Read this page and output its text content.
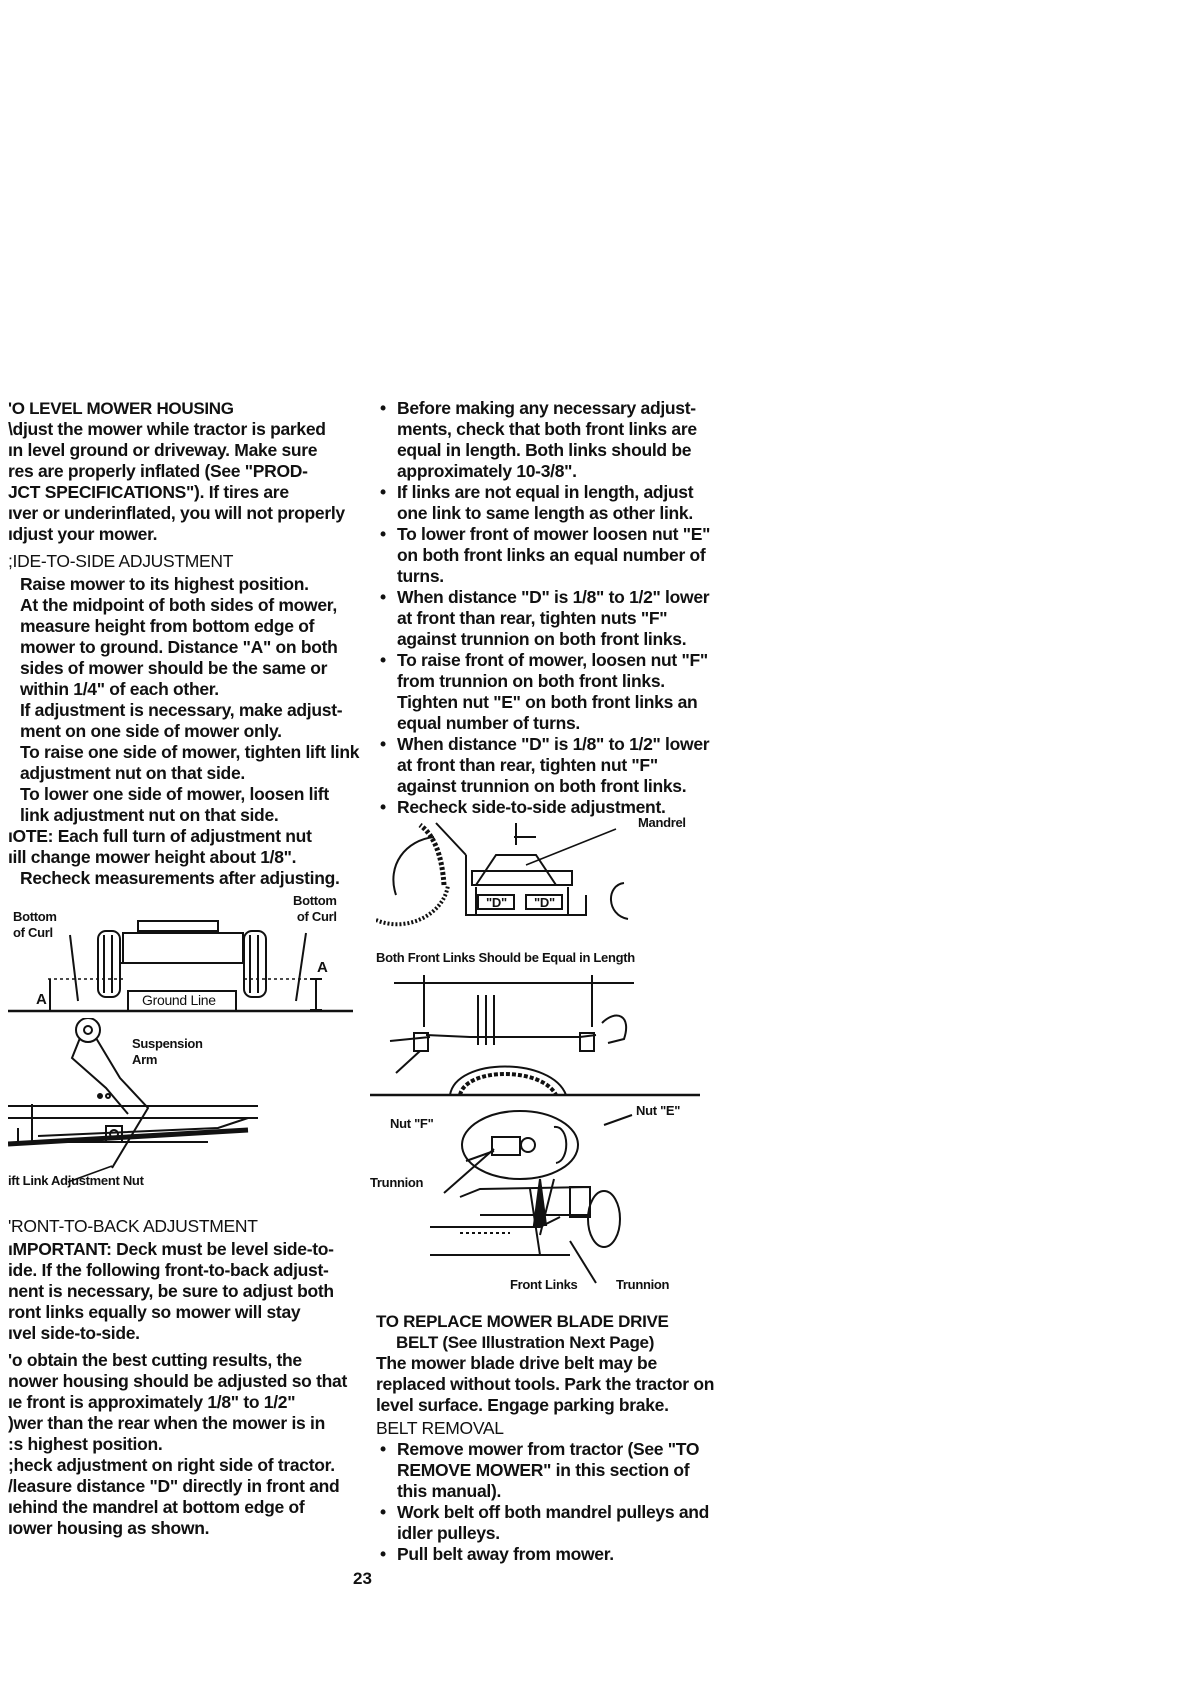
'O LEVEL MOWER HOUSING

\djust the mower while tractor is parked

ın level ground or driveway. Make sure

res are properly inflated (See "PROD-

JCT SPECIFICATIONS"). If tires are

ıver or underinflated, you will not properly

ıdjust your mower.

;IDE-TO-SIDE ADJUSTMENT

Raise mower to its highest position.

At the midpoint of both sides of mower, measure height from bottom edge of mower to ground. Distance "A" on both sides of mower should be the same or within 1/4" of each other.

If adjustment is necessary, make adjust- ment on one side of mower only.

To raise one side of mower, tighten lift link adjustment nut on that side.

To lower one side of mower, loosen lift link adjustment nut on that side.

ıOTE: Each full turn of adjustment nut

ıill change mower height about 1/8".

Recheck measurements after adjusting.

Bottom
of Curl
Bottom
of Curl
A
A	Ground Line
Suspension
Arm
ift Link Adjustment Nut

'RONT-TO-BACK ADJUSTMENT

ıMPORTANT: Deck must be level side-to-

ide. If the following front-to-back adjust-

nent is necessary, be sure to adjust both

ront links equally so mower will stay

ıvel side-to-side.

'o obtain the best cutting results, the

nower housing should be adjusted so that

ıe front is approximately 1/8" to 1/2"

)wer than the rear when the mower is in

:s highest position.

;heck adjustment on right side of tractor.

/leasure distance "D" directly in front and

ıehind the mandrel at bottom edge of

ıower housing as shown.

• Before making any necessary adjust- ments, check that both front links are equal in length. Both links should be approximately 10-3/8".
• If links are not equal in length, adjust one link to same length as other link.
• To lower front of mower loosen nut "E" on both front links an equal number of turns.
• When distance "D" is 1/8" to 1/2" lower at front than rear, tighten nuts "F" against trunnion on both front links.
• To raise front of mower, loosen nut "F" from trunnion on both front links. Tighten nut "E" on both front links an equal number of turns.
• When distance "D" is 1/8" to 1/2" lower at front than rear, tighten nut "F" against trunnion on both front links.
• Recheck side-to-side adjustment.
Mandrel
"D" "D"
Both Front Links Should be Equal in Length
Nut "E"
Nut "F"
Trunnion
Front Links	Trunnion

TO REPLACE MOWER BLADE DRIVE

BELT (See Illustration Next Page)

The mower blade drive belt may be replaced without tools. Park the tractor on level surface. Engage parking brake.

BELT REMOVAL

• Remove mower from tractor (See "TO REMOVE MOWER" in this section of this manual).
• Work belt off both mandrel pulleys and idler pulleys.
• Pull belt away from mower.
23
